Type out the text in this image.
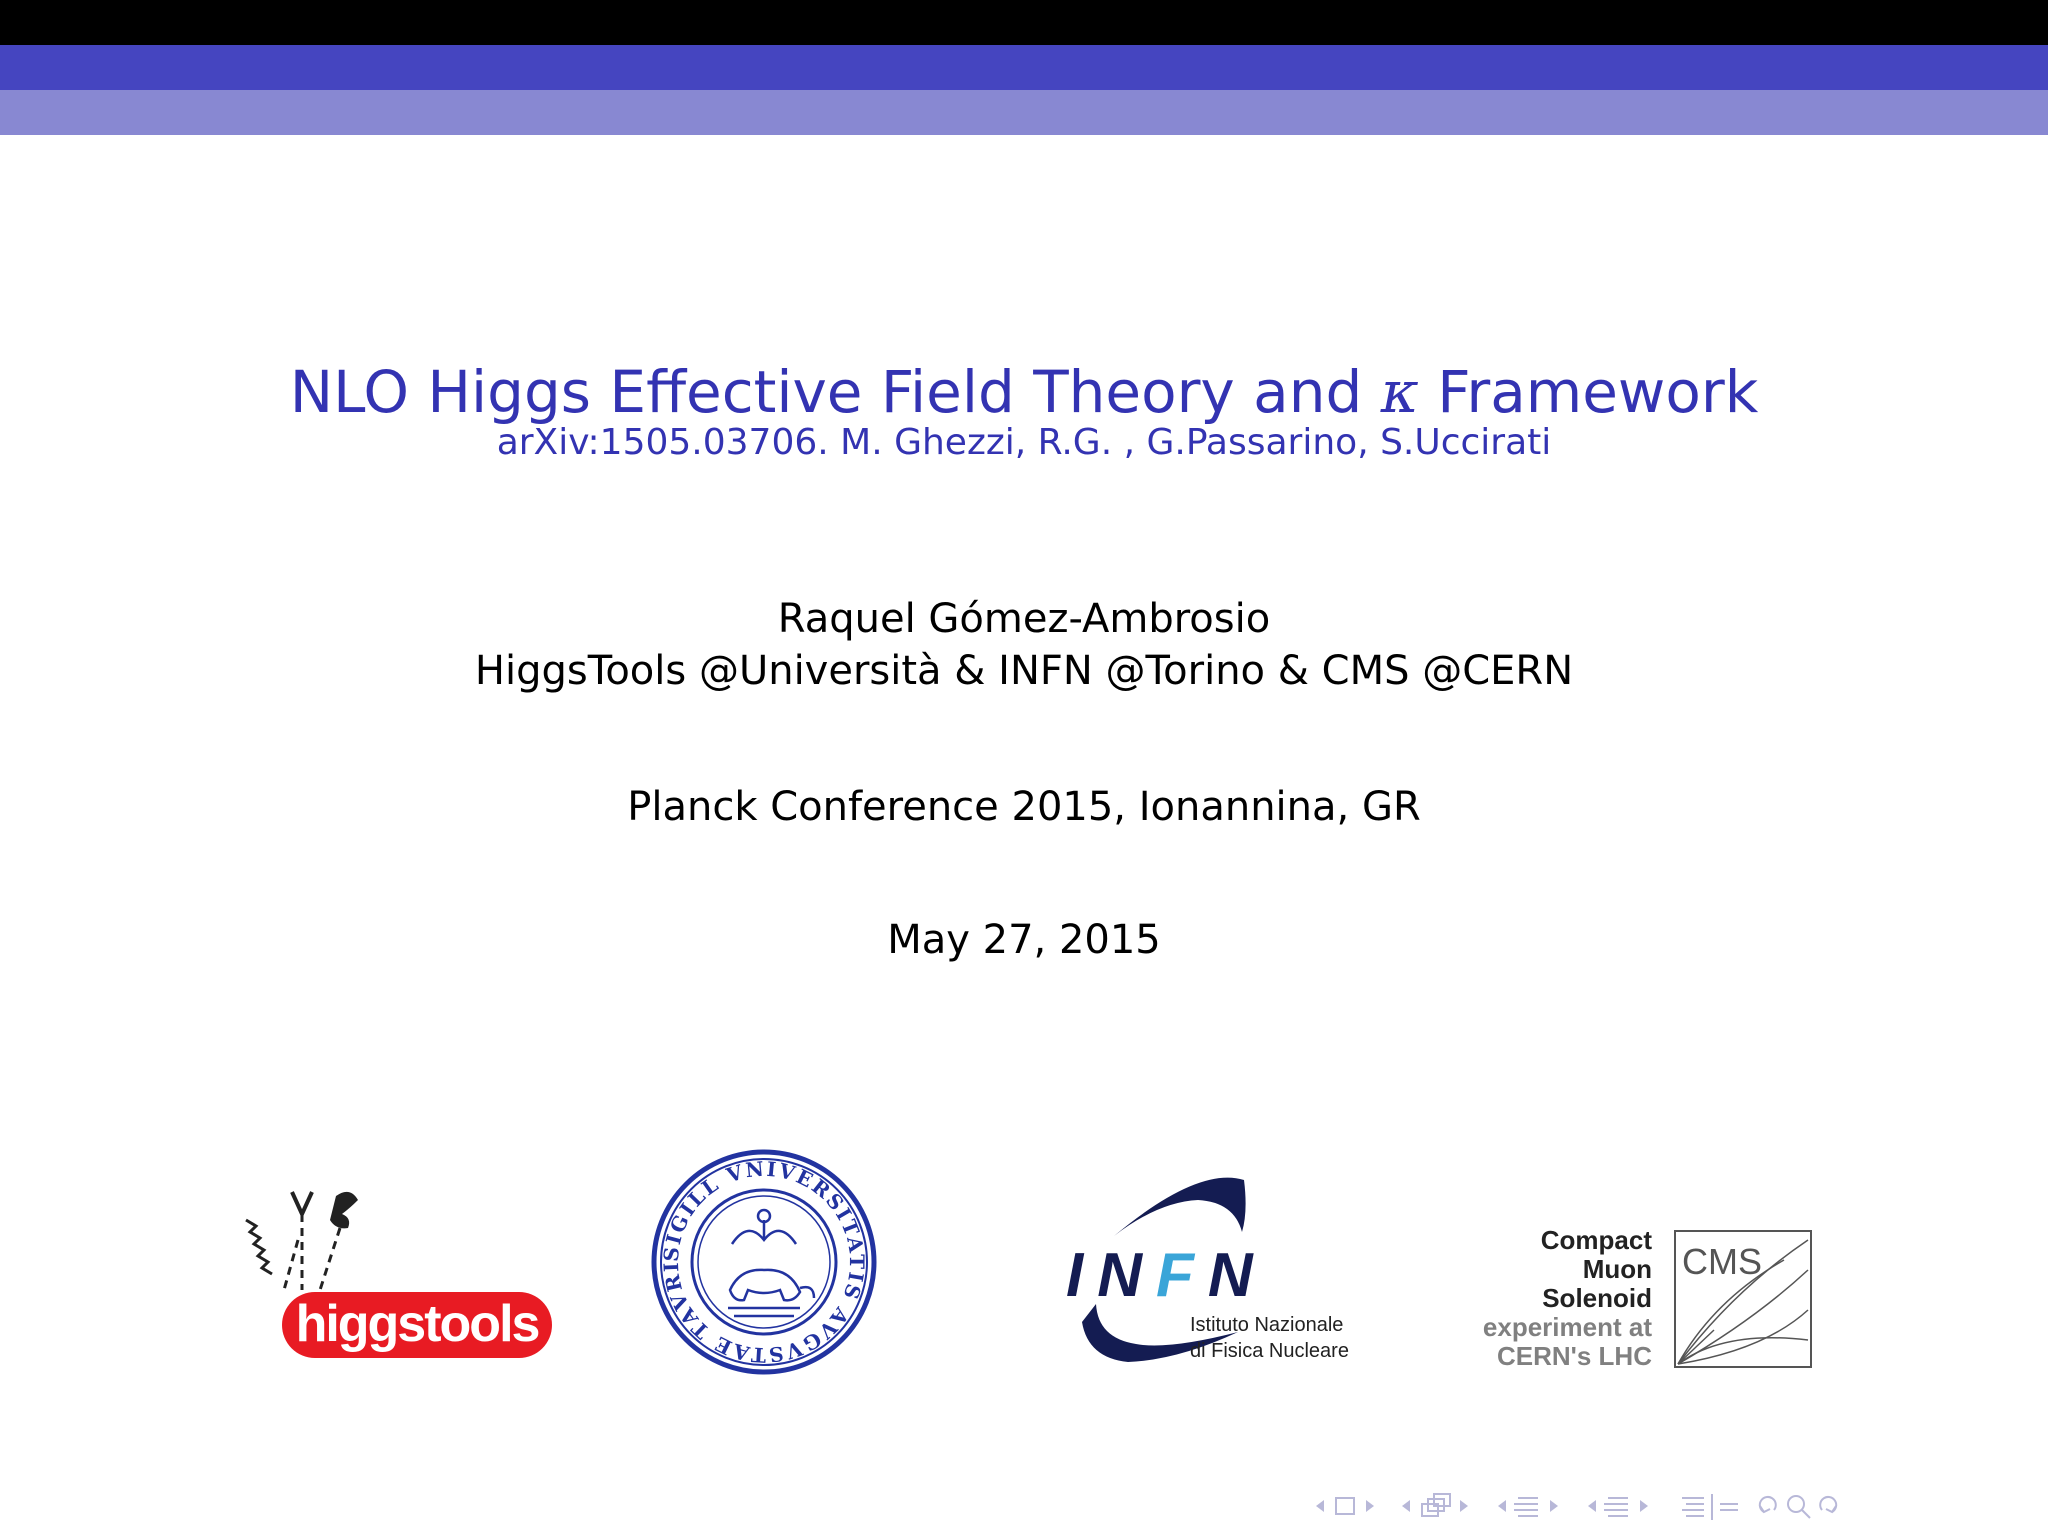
NLO Higgs Effective Field Theory and κ Framework
arXiv:1505.03706. M. Ghezzi, R.G. , G.Passarino, S.Uccirati
Raquel Gómez-Ambrosio
HiggsTools @Università & INFN @Torino & CMS @CERN
Planck Conference 2015, Ionannina, GR
May 27, 2015
higgstools
SIGILL VNIVERSITATIS AVGVSTAE TAVRI	INFN
Istituto Nazionale
di Fisica Nucleare
Compact
Muon
Solenoid
experiment at
CERN's LHC
CMS
